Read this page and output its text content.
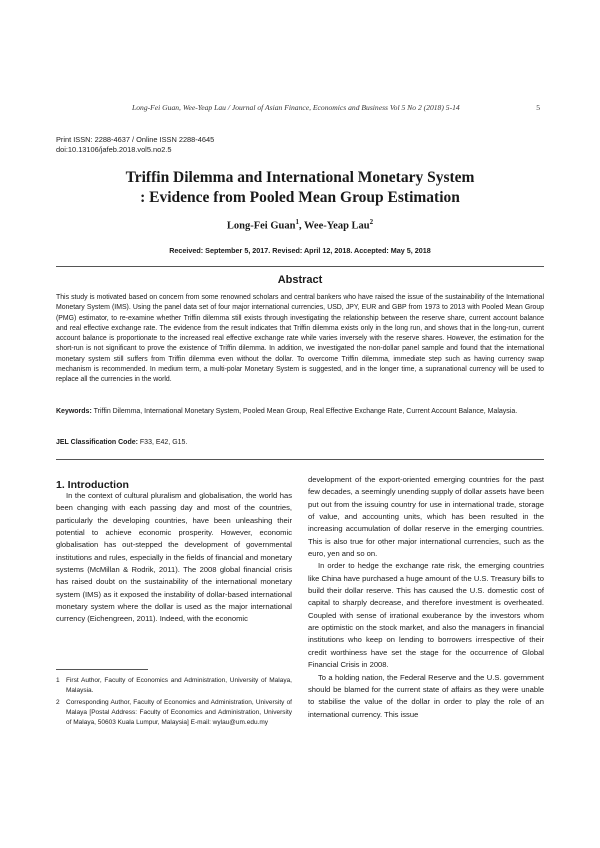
Long-Fei Guan, Wee-Yeap Lau / Journal of Asian Finance, Economics and Business Vol 5 No 2 (2018) 5-14	5
Print ISSN: 2288-4637 / Online ISSN 2288-4645
doi:10.13106/jafeb.2018.vol5.no2.5
Triffin Dilemma and International Monetary System
: Evidence from Pooled Mean Group Estimation
Long-Fei Guan$^1$, Wee-Yeap Lau$^2$
Received: September 5, 2017. Revised: April 12, 2018. Accepted: May 5, 2018
Abstract
This study is motivated based on concern from some renowned scholars and central bankers who have raised the issue of the sustainability of the International Monetary System (IMS). Using the panel data set of four major international currencies, USD, JPY, EUR and GBP from 1973 to 2013 with Pooled Mean Group (PMG) estimator, to re-examine whether Triffin dilemma still exists through investigating the relationship between the reserve share, current account balance and real effective exchange rate. The evidence from the result indicates that Triffin dilemma exists only in the long run, and shows that in the long-run, current account balance is proportionate to the increased real effective exchange rate while varies inversely with the reserve shares. However, the estimation for the short-run is not significant to prove the existence of Triffin dilemma. In addition, we investigated the non-dollar panel sample and found that the international monetary system still suffers from Triffin dilemma even without the dollar. To overcome Triffin dilemma, immediate step such as having currency swap mechanism is recommended. In medium term, a multi-polar Monetary System is suggested, and in the longer time, a supranational currency will be used to replace all the currencies in the world.
Keywords: Triffin Dilemma, International Monetary System, Pooled Mean Group, Real Effective Exchange Rate, Current Account Balance, Malaysia.
JEL Classification Code: F33, E42, G15.
1. Introduction

In the context of cultural pluralism and globalisation, the world has been changing with each passing day and most of the countries, particularly the developing countries, have been unleashing their potential to achieve economic prosperity. However, economic globalisation has out-stepped the development of governmental institutions and rules, especially in the fields of financial and monetary systems (McMillan & Rodrik, 2011). The 2008 global financial crisis has raised doubt on the sustainability of the international monetary system (IMS) as it exposed the instability of dollar-based international monetary system where the dollar is used as the major international currency (Eichengreen, 2011). Indeed, with the economic

development of the export-oriented emerging countries for the past few decades, a seemingly unending supply of dollar assets have been put out from the issuing country for use in international trade, storage of value, and accounting units, which has been resulted in the increasing accumulation of dollar reserve in the emerging countries. This is also true for other major international currencies, such as the euro, yen and so on.

In order to hedge the exchange rate risk, the emerging countries like China have purchased a huge amount of the U.S. Treasury bills to build their dollar reserve. This has caused the U.S. domestic cost of capital to sharply decrease, and therefore investment is overheated. Coupled with sense of irrational exuberance by the investors whom are optimistic on the stock market, and also the managers in financial institutions who keep on lending to borrowers irrespective of their credit worthiness have set the stage for the occurrence of Global Financial Crisis in 2008.

To a holding nation, the Federal Reserve and the U.S. government should be blamed for the current state of affairs as they were unable to stabilise the value of the dollar in order to play the role of an international currency. This issue

1 First Author, Faculty of Economics and Administration, University of Malaya, Malaysia.
2 Corresponding Author, Faculty of Economics and Administration, University of Malaya [Postal Address: Faculty of Economics and Administration, University of Malaya, 50603 Kuala Lumpur, Malaysia] E-mail: wylau@um.edu.my
